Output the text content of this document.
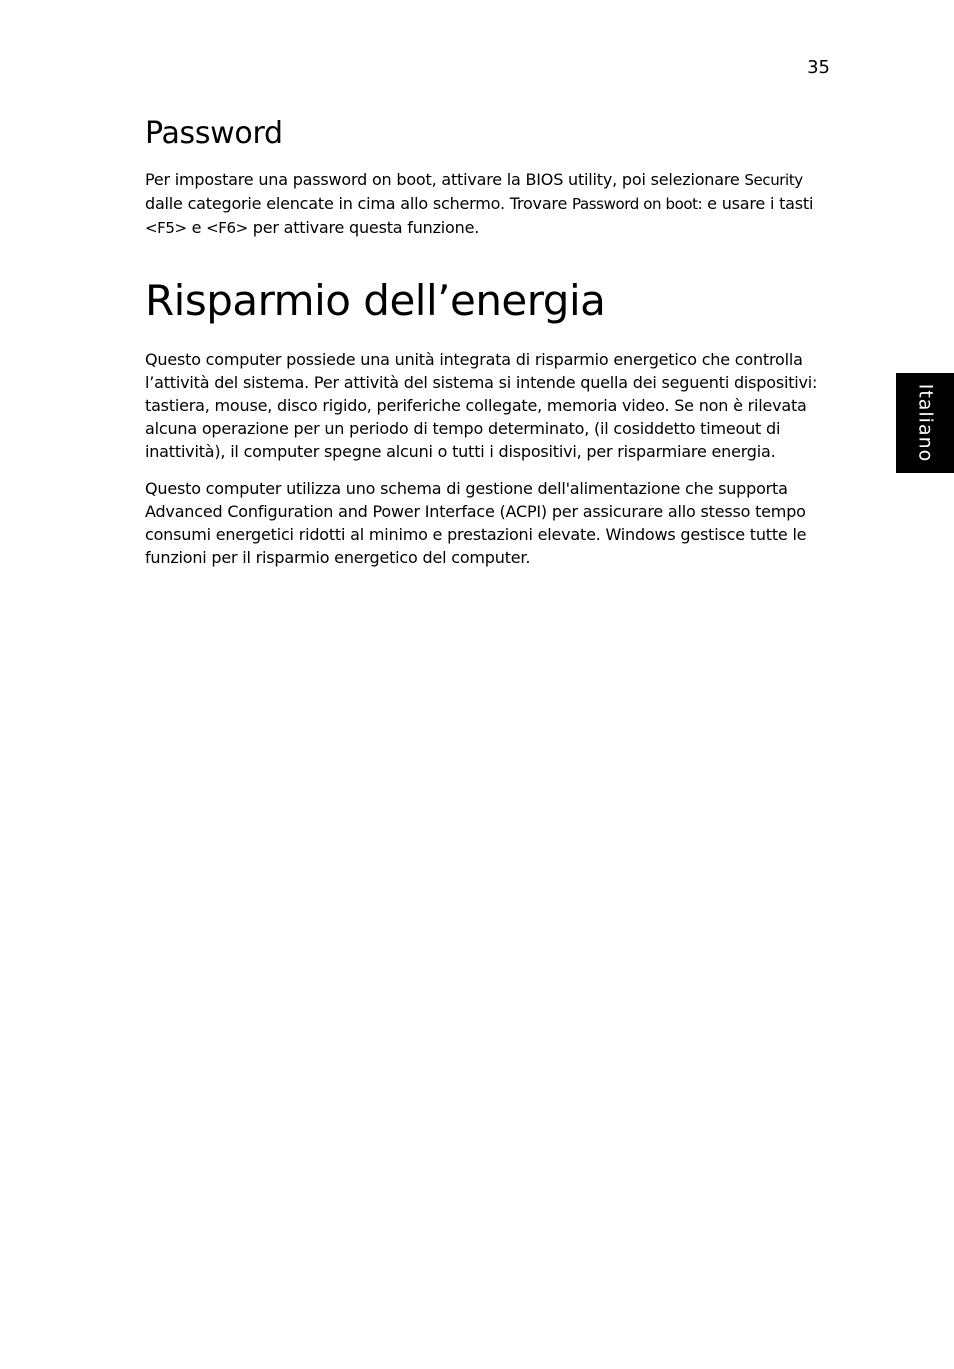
35
Italiano
Password

Per impostare una password on boot, attivare la BIOS utility, poi selezionare Security dalle categorie elencate in cima allo schermo. Trovare Password on boot: e usare i tasti <F5> e <F6> per attivare questa funzione.

Risparmio dell’energia

Questo computer possiede una unità integrata di risparmio energetico che controlla l’attività del sistema. Per attività del sistema si intende quella dei seguenti dispositivi: tastiera, mouse, disco rigido, periferiche collegate, memoria video. Se non è rilevata alcuna operazione per un periodo di tempo determinato, (il cosiddetto timeout di inattività), il computer spegne alcuni o tutti i dispositivi, per risparmiare energia.

Questo computer utilizza uno schema di gestione dell'alimentazione che supporta Advanced Configuration and Power Interface (ACPI) per assicurare allo stesso tempo consumi energetici ridotti al minimo e prestazioni elevate. Windows gestisce tutte le funzioni per il risparmio energetico del computer.
